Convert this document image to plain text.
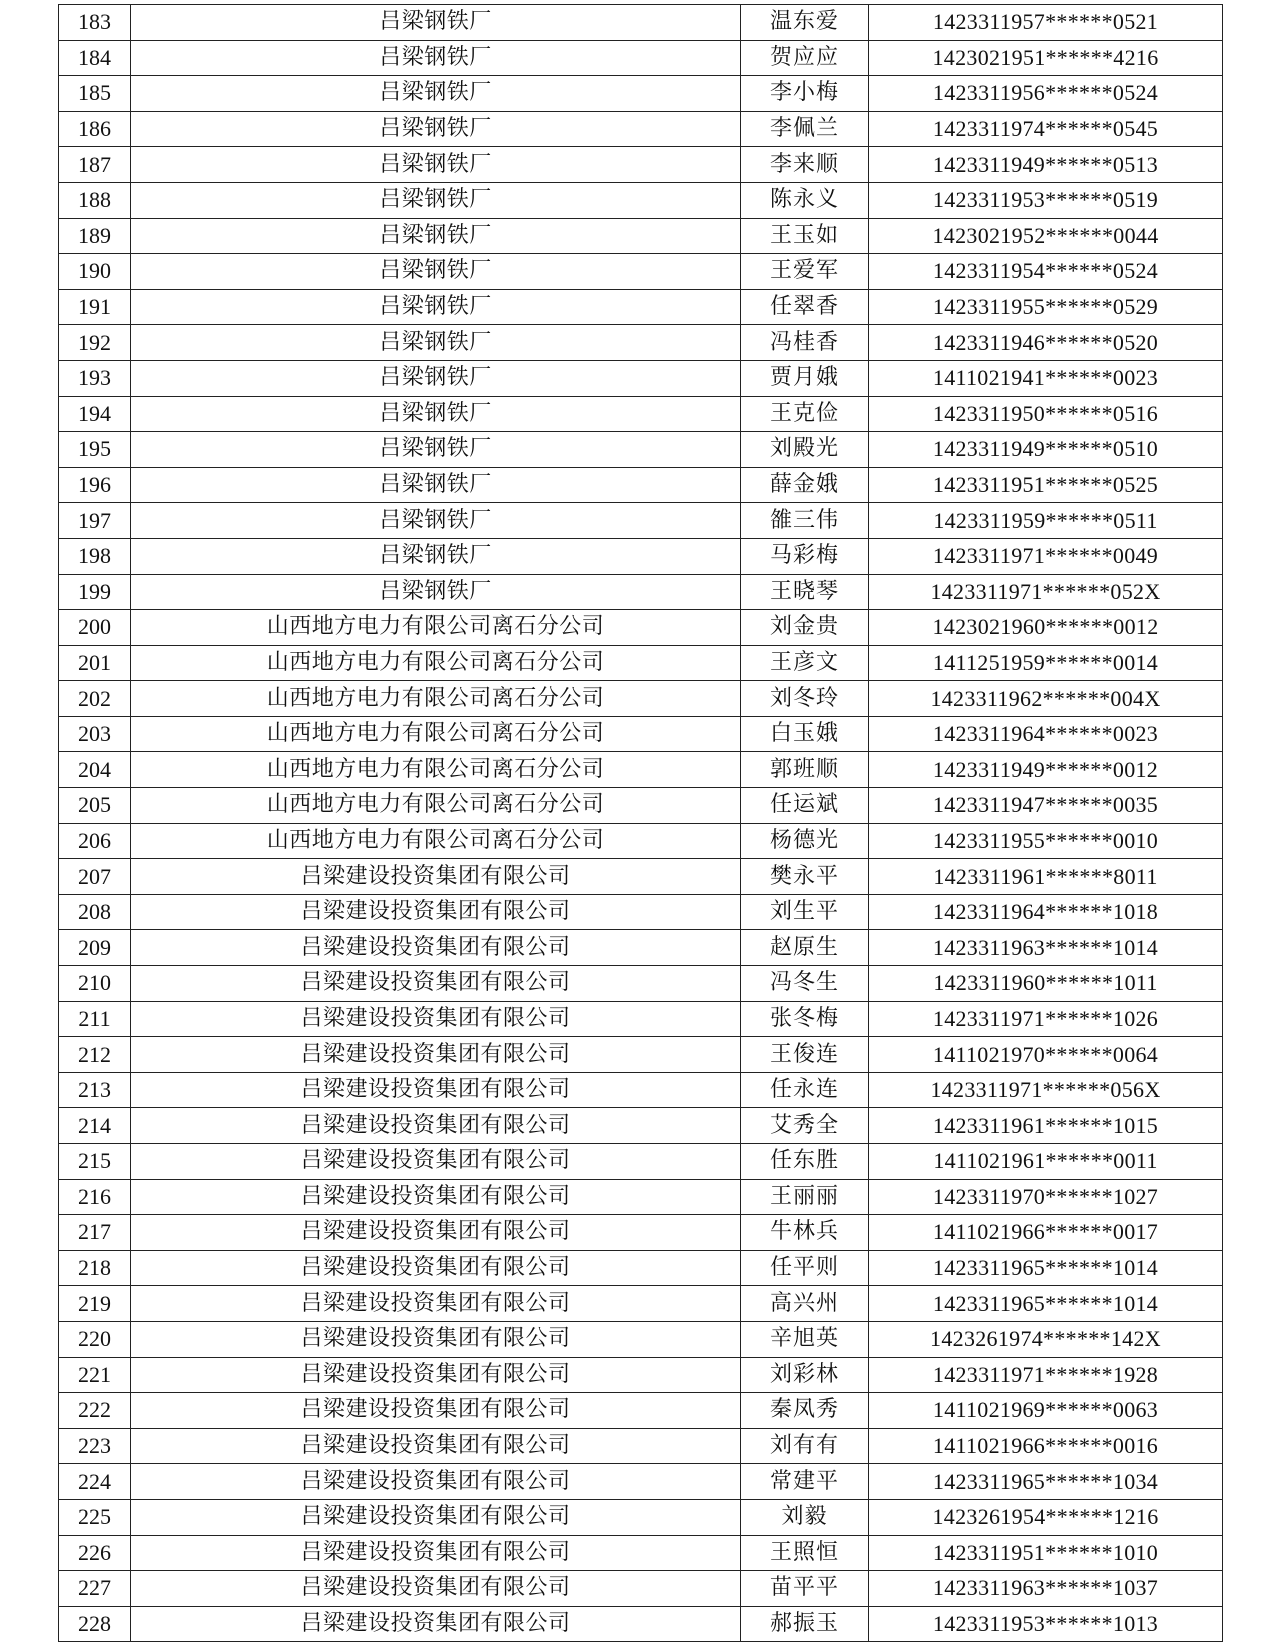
183	吕梁钢铁厂	温东爱	1423311957******0521
184	吕梁钢铁厂	贺应应	1423021951******4216
185	吕梁钢铁厂	李小梅	1423311956******0524
186	吕梁钢铁厂	李佩兰	1423311974******0545
187	吕梁钢铁厂	李来顺	1423311949******0513
188	吕梁钢铁厂	陈永义	1423311953******0519
189	吕梁钢铁厂	王玉如	1423021952******0044
190	吕梁钢铁厂	王爱军	1423311954******0524
191	吕梁钢铁厂	任翠香	1423311955******0529
192	吕梁钢铁厂	冯桂香	1423311946******0520
193	吕梁钢铁厂	贾月娥	1411021941******0023
194	吕梁钢铁厂	王克俭	1423311950******0516
195	吕梁钢铁厂	刘殿光	1423311949******0510
196	吕梁钢铁厂	薛金娥	1423311951******0525
197	吕梁钢铁厂	雒三伟	1423311959******0511
198	吕梁钢铁厂	马彩梅	1423311971******0049
199	吕梁钢铁厂	王晓琴	1423311971******052X
200	山西地方电力有限公司离石分公司	刘金贵	1423021960******0012
201	山西地方电力有限公司离石分公司	王彦文	1411251959******0014
202	山西地方电力有限公司离石分公司	刘冬玲	1423311962******004X
203	山西地方电力有限公司离石分公司	白玉娥	1423311964******0023
204	山西地方电力有限公司离石分公司	郭班顺	1423311949******0012
205	山西地方电力有限公司离石分公司	任运斌	1423311947******0035
206	山西地方电力有限公司离石分公司	杨德光	1423311955******0010
207	吕梁建设投资集团有限公司	樊永平	1423311961******8011
208	吕梁建设投资集团有限公司	刘生平	1423311964******1018
209	吕梁建设投资集团有限公司	赵原生	1423311963******1014
210	吕梁建设投资集团有限公司	冯冬生	1423311960******1011
211	吕梁建设投资集团有限公司	张冬梅	1423311971******1026
212	吕梁建设投资集团有限公司	王俊连	1411021970******0064
213	吕梁建设投资集团有限公司	任永连	1423311971******056X
214	吕梁建设投资集团有限公司	艾秀全	1423311961******1015
215	吕梁建设投资集团有限公司	任东胜	1411021961******0011
216	吕梁建设投资集团有限公司	王丽丽	1423311970******1027
217	吕梁建设投资集团有限公司	牛林兵	1411021966******0017
218	吕梁建设投资集团有限公司	任平则	1423311965******1014
219	吕梁建设投资集团有限公司	高兴州	1423311965******1014
220	吕梁建设投资集团有限公司	辛旭英	1423261974******142X
221	吕梁建设投资集团有限公司	刘彩林	1423311971******1928
222	吕梁建设投资集团有限公司	秦凤秀	1411021969******0063
223	吕梁建设投资集团有限公司	刘有有	1411021966******0016
224	吕梁建设投资集团有限公司	常建平	1423311965******1034
225	吕梁建设投资集团有限公司	刘毅	1423261954******1216
226	吕梁建设投资集团有限公司	王照恒	1423311951******1010
227	吕梁建设投资集团有限公司	苗平平	1423311963******1037
228	吕梁建设投资集团有限公司	郝振玉	1423311953******1013
